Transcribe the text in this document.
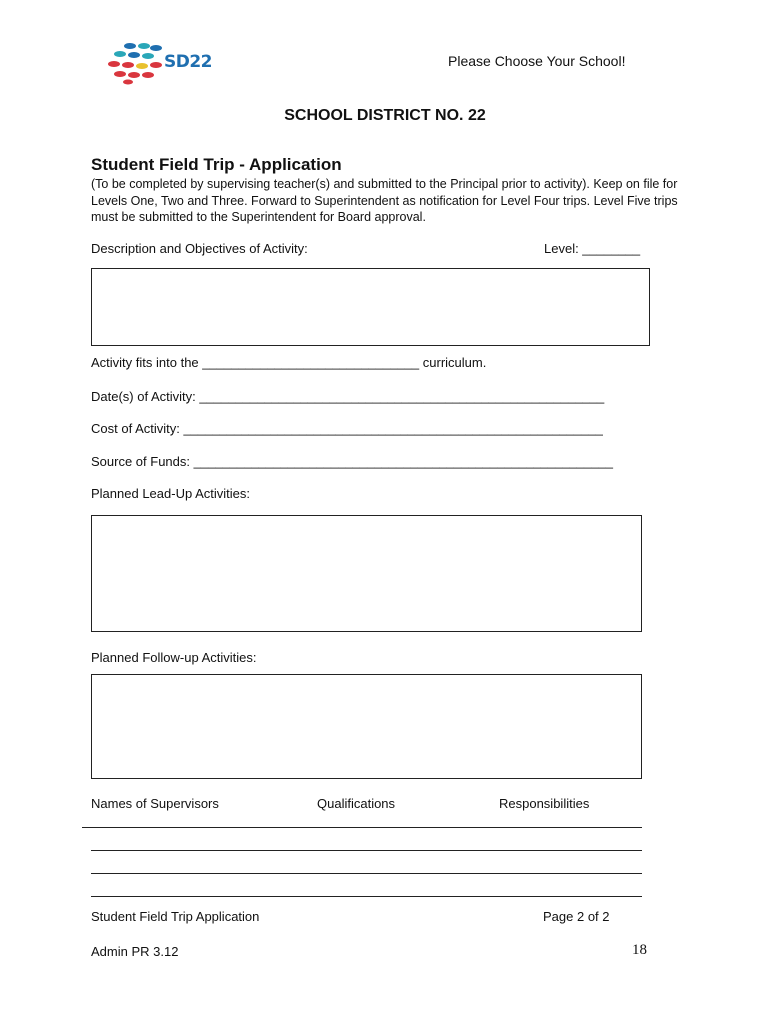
SD22	Please Choose Your School!
SCHOOL DISTRICT NO. 22
Student Field Trip - Application
(To be completed by supervising teacher(s) and submitted to the Principal prior to activity). Keep on file for Levels One, Two and Three. Forward to Superintendent as notification for Level Four trips. Level Five trips must be submitted to the Superintendent for Board approval.
Description and Objectives of Activity:	Level: ________
Activity fits into the ______________________________ curriculum.
Date(s) of Activity: ________________________________________________________
Cost of Activity: __________________________________________________________
Source of Funds: __________________________________________________________
Planned Lead-Up Activities:
Planned Follow-up Activities:
Names of Supervisors	Qualifications	Responsibilities
Student Field Trip Application	Page 2 of 2
Admin PR 3.12	18
